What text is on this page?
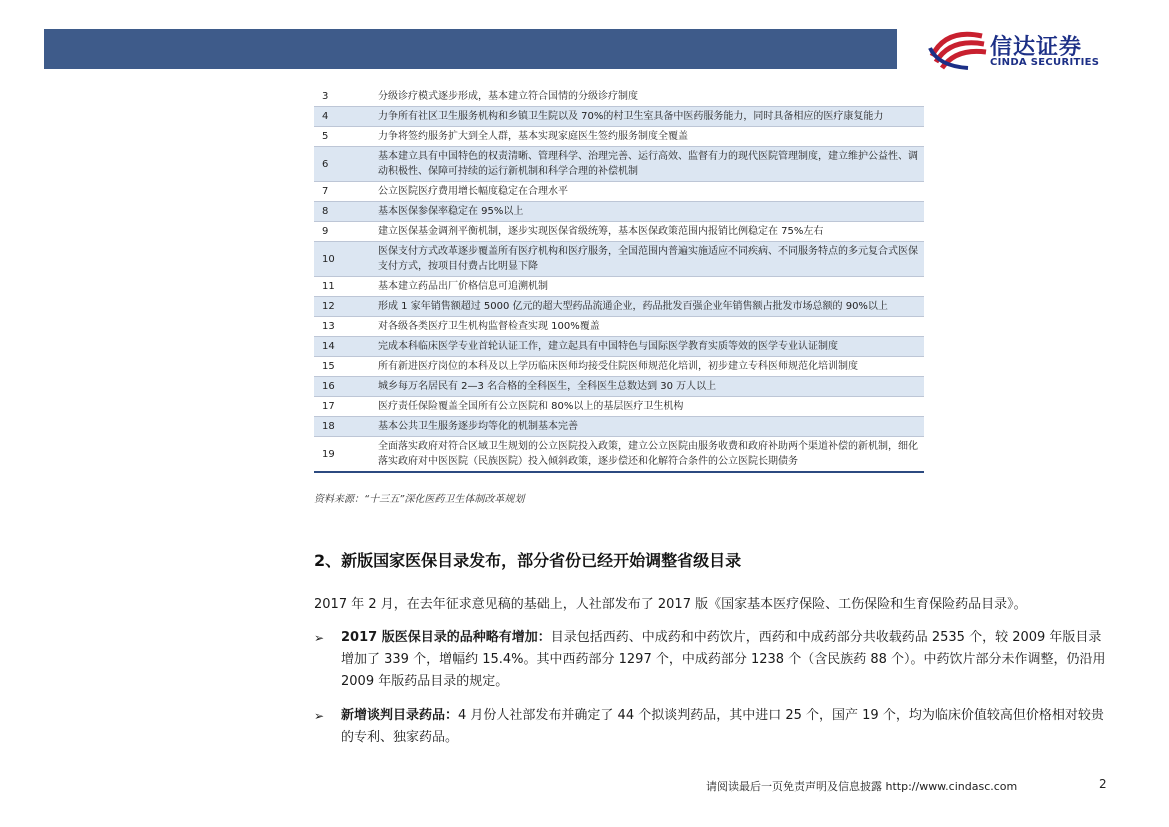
信达证券
CINDA SECURITIES
3	分级诊疗模式逐步形成，基本建立符合国情的分级诊疗制度
4	力争所有社区卫生服务机构和乡镇卫生院以及 70%的村卫生室具备中医药服务能力，同时具备相应的医疗康复能力
5	力争将签约服务扩大到全人群，基本实现家庭医生签约服务制度全覆盖
6	基本建立具有中国特色的权责清晰、管理科学、治理完善、运行高效、监督有力的现代医院管理制度，建立维护公益性、调动积极性、保障可持续的运行新机制和科学合理的补偿机制
7	公立医院医疗费用增长幅度稳定在合理水平
8	基本医保参保率稳定在 95%以上
9	建立医保基金调剂平衡机制，逐步实现医保省级统筹，基本医保政策范围内报销比例稳定在 75%左右
10	医保支付方式改革逐步覆盖所有医疗机构和医疗服务，全国范围内普遍实施适应不同疾病、不同服务特点的多元复合式医保支付方式，按项目付费占比明显下降
11	基本建立药品出厂价格信息可追溯机制
12	形成 1 家年销售额超过 5000 亿元的超大型药品流通企业，药品批发百强企业年销售额占批发市场总额的 90%以上
13	对各级各类医疗卫生机构监督检查实现 100%覆盖
14	完成本科临床医学专业首轮认证工作，建立起具有中国特色与国际医学教育实质等效的医学专业认证制度
15	所有新进医疗岗位的本科及以上学历临床医师均接受住院医师规范化培训，初步建立专科医师规范化培训制度
16	城乡每万名居民有 2—3 名合格的全科医生，全科医生总数达到 30 万人以上
17	医疗责任保险覆盖全国所有公立医院和 80%以上的基层医疗卫生机构
18	基本公共卫生服务逐步均等化的机制基本完善
19	全面落实政府对符合区域卫生规划的公立医院投入政策，建立公立医院由服务收费和政府补助两个渠道补偿的新机制，细化落实政府对中医医院（民族医院）投入倾斜政策，逐步偿还和化解符合条件的公立医院长期债务
资料来源：“十三五”深化医药卫生体制改革规划
2、新版国家医保目录发布，部分省份已经开始调整省级目录
2017 年 2 月，在去年征求意见稿的基础上，人社部发布了 2017 版《国家基本医疗保险、工伤保险和生育保险药品目录》。
➢ 2017 版医保目录的品种略有增加：目录包括西药、中成药和中药饮片，西药和中成药部分共收载药品 2535 个，较 2009 年版目录增加了 339 个，增幅约 15.4%。其中西药部分 1297 个，中成药部分 1238 个（含民族药 88 个）。中药饮片部分未作调整，仍沿用 2009 年版药品目录的规定。
➢ 新增谈判目录药品：4 月份人社部发布并确定了 44 个拟谈判药品，其中进口 25 个，国产 19 个，均为临床价值较高但价格相对较贵的专利、独家药品。
请阅读最后一页免责声明及信息披露 http://www.cindasc.com	2
